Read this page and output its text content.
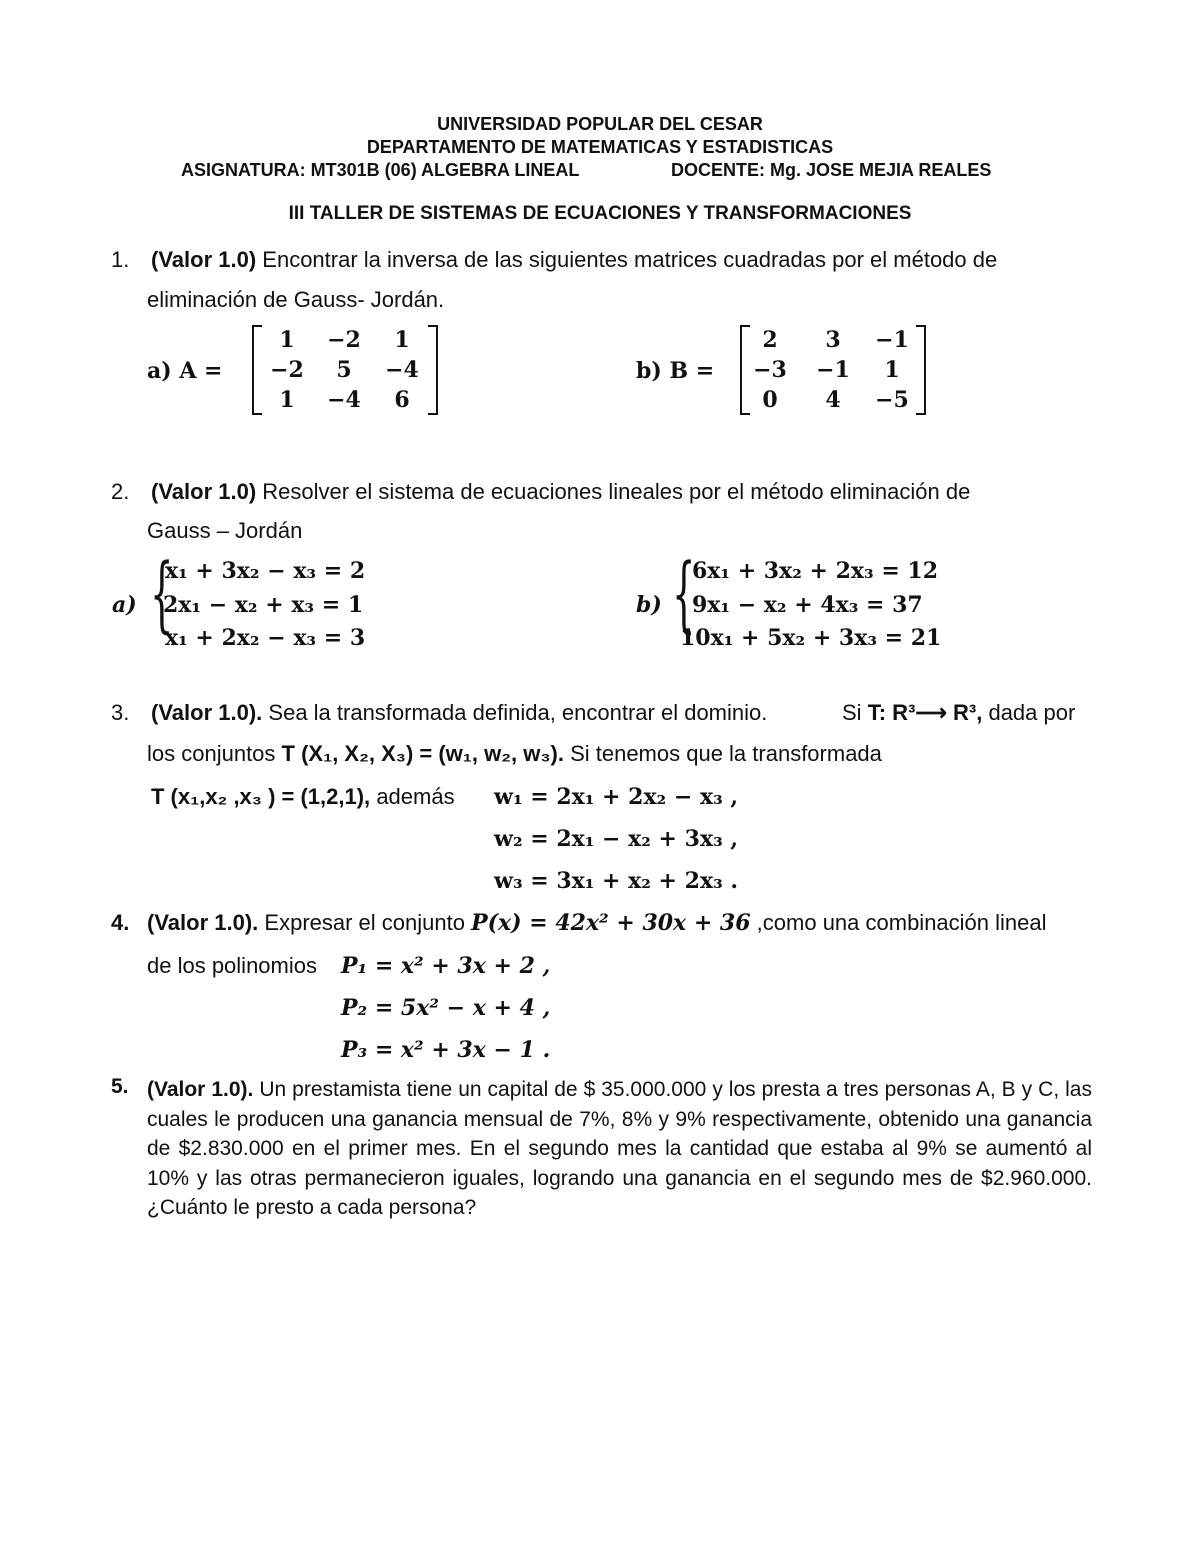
UNIVERSIDAD POPULAR DEL CESAR
DEPARTAMENTO DE MATEMATICAS Y ESTADISTICAS
ASIGNATURA: MT301B (06) ALGEBRA LINEAL	DOCENTE: Mg. JOSE MEJIA REALES
III TALLER DE SISTEMAS DE ECUACIONES Y TRANSFORMACIONES
1. (Valor 1.0) Encontrar la inversa de las siguientes matrices cuadradas por el método de
eliminación de Gauss- Jordán.
a) A =
1	−2	1
−2	5	−4
1	−4	6
b) B =
2	3	−1
−3	−1	1
0	4	−5
2. (Valor 1.0) Resolver el sistema de ecuaciones lineales por el método eliminación de
Gauss – Jordán
a) {
x₁ + 3x₂ − x₃ = 2
2x₁ − x₂ + x₃ = 1
x₁ + 2x₂ − x₃ = 3
b) {
6x₁ + 3x₂ + 2x₃ = 12
9x₁ − x₂ + 4x₃ = 37
10x₁ + 5x₂ + 3x₃ = 21
3. (Valor 1.0). Sea la transformada definida, encontrar el dominio.	Si T: R³⟶ R³, dada por
los conjuntos T (X₁, X₂, X₃) = (w₁, w₂, w₃). Si tenemos que la transformada
T (x₁,x₂ ,x₃ ) = (1,2,1), además w₁ = 2x₁ + 2x₂ − x₃ ,
w₂ = 2x₁ − x₂ + 3x₃ ,
w₃ = 3x₁ + x₂ + 2x₃ .
4. (Valor 1.0). Expresar el conjunto P(x) = 42x² + 30x + 36 ,como una combinación lineal
de los polinomios P₁ = x² + 3x + 2 ,
P₂ = 5x² − x + 4 ,
P₃ = x² + 3x − 1 .
5. (Valor 1.0). Un prestamista tiene un capital de $ 35.000.000 y los presta a tres personas A, B y C, las cuales le producen una ganancia mensual de 7%, 8% y 9% respectivamente, obtenido una ganancia de $2.830.000 en el primer mes. En el segundo mes la cantidad que estaba al 9% se aumentó al 10% y las otras permanecieron iguales, logrando una ganancia en el segundo mes de $2.960.000. ¿Cuánto le presto a cada persona?
